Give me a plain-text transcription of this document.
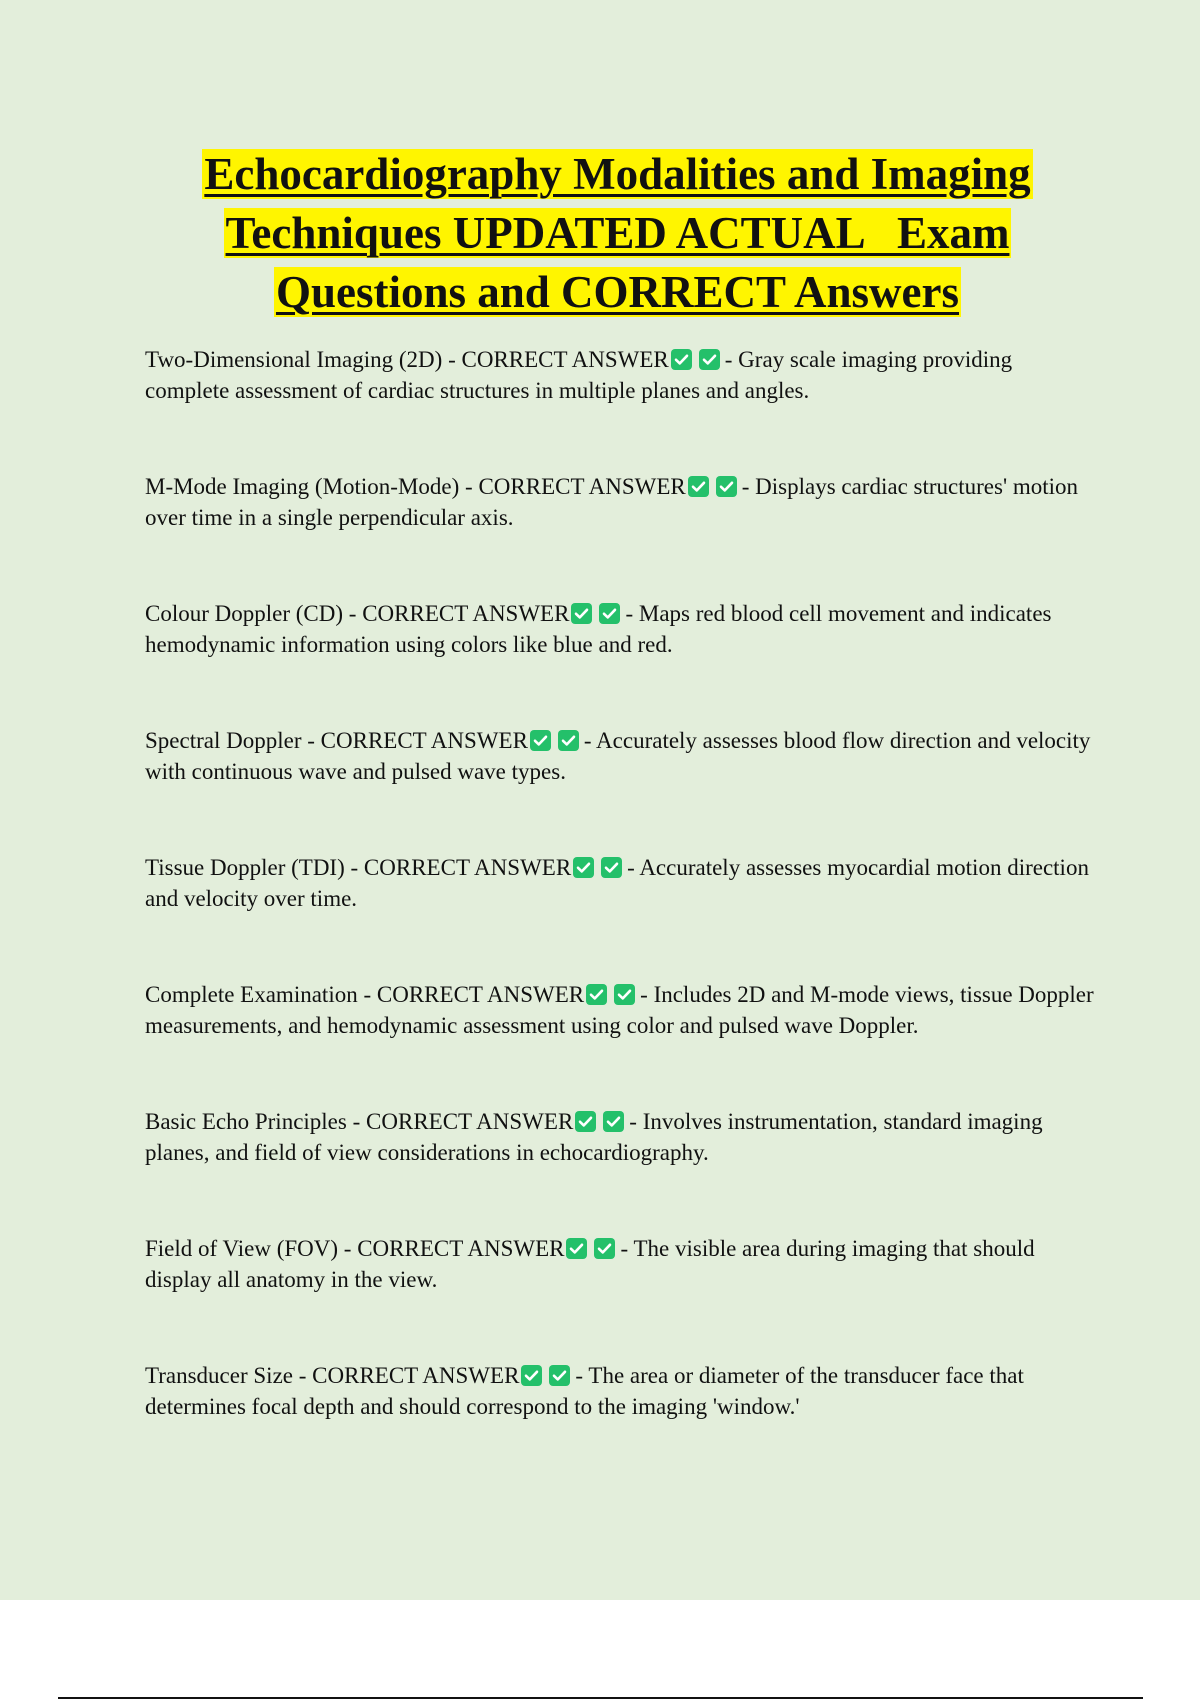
Echocardiography Modalities and Imaging
Techniques UPDATED ACTUAL   Exam
Questions and CORRECT Answers
Two-Dimensional Imaging (2D) - CORRECT ANSWER - Gray scale imaging providing complete assessment of cardiac structures in multiple planes and angles.
M-Mode Imaging (Motion-Mode) - CORRECT ANSWER - Displays cardiac structures' motion over time in a single perpendicular axis.
Colour Doppler (CD) - CORRECT ANSWER - Maps red blood cell movement and indicates hemodynamic information using colors like blue and red.
Spectral Doppler - CORRECT ANSWER - Accurately assesses blood flow direction and velocity with continuous wave and pulsed wave types.
Tissue Doppler (TDI) - CORRECT ANSWER - Accurately assesses myocardial motion direction and velocity over time.
Complete Examination - CORRECT ANSWER - Includes 2D and M-mode views, tissue Doppler measurements, and hemodynamic assessment using color and pulsed wave Doppler.
Basic Echo Principles - CORRECT ANSWER - Involves instrumentation, standard imaging planes, and field of view considerations in echocardiography.
Field of View (FOV) - CORRECT ANSWER - The visible area during imaging that should display all anatomy in the view.
Transducer Size - CORRECT ANSWER - The area or diameter of the transducer face that determines focal depth and should correspond to the imaging 'window.'
